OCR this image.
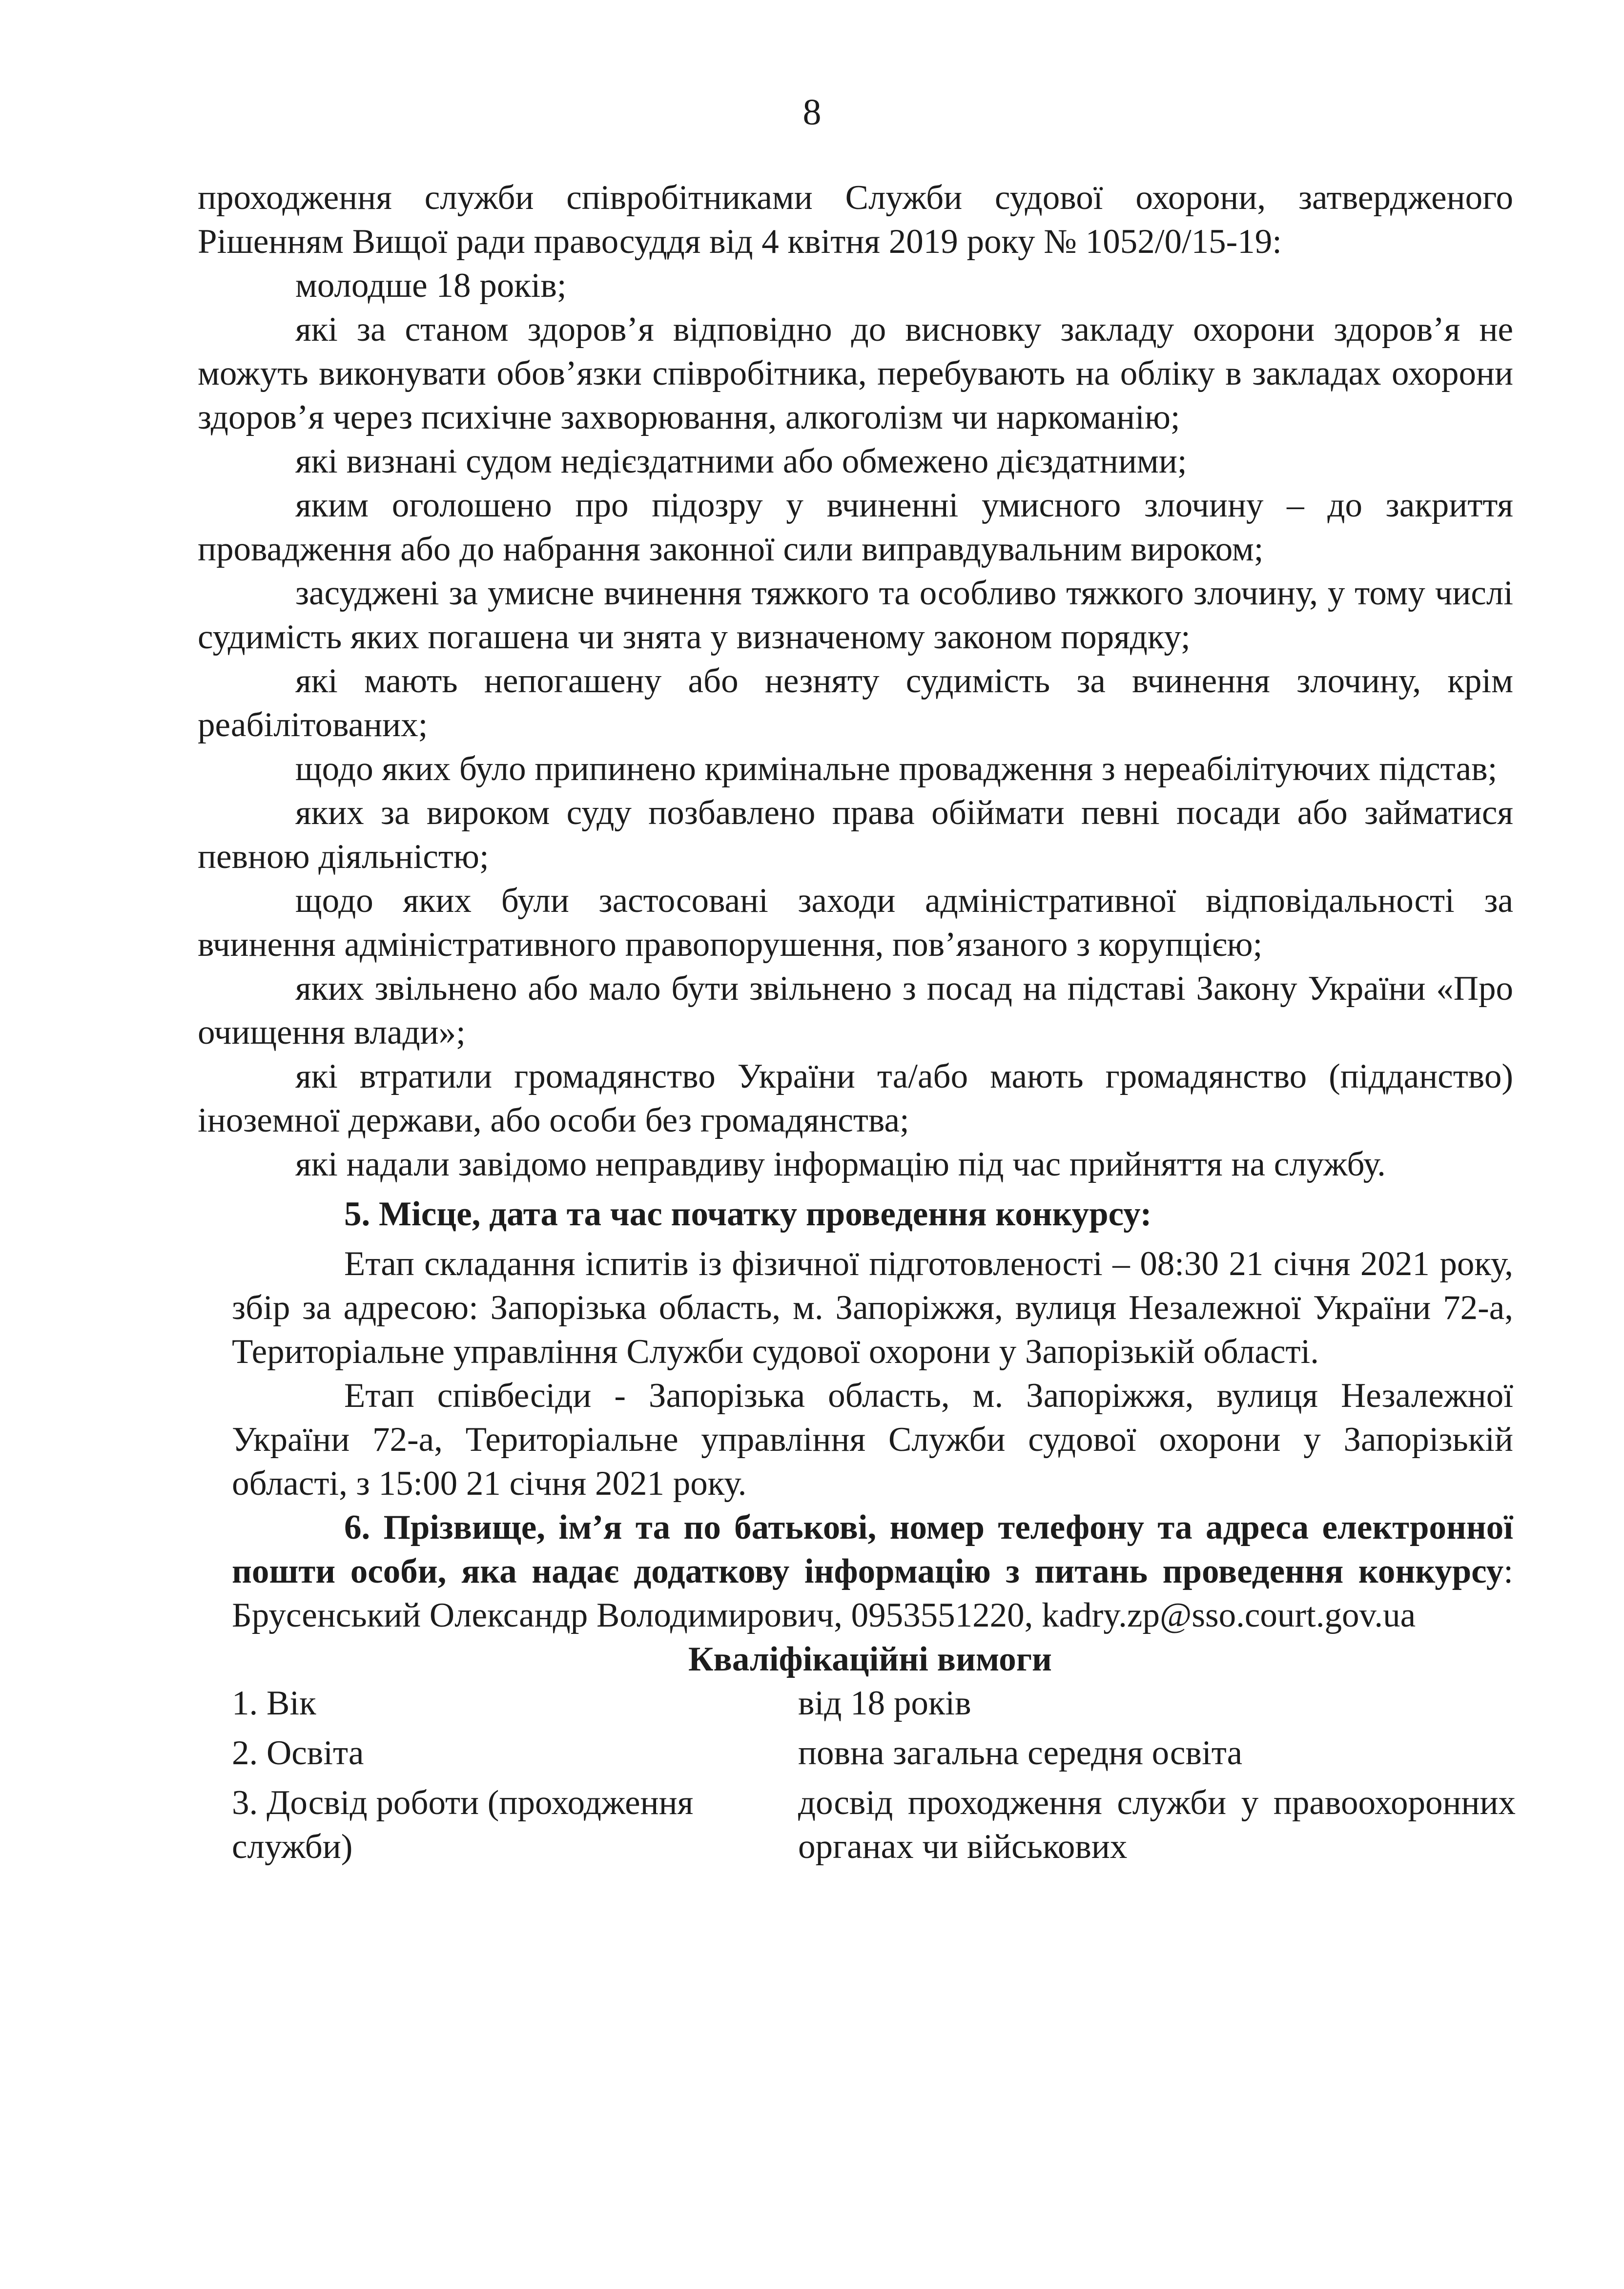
8

проходження служби співробітниками Служби судової охорони, затвердженого Рішенням Вищої ради правосуддя від 4 квітня 2019 року № 1052/0/15-19:

молодше 18 років;

які за станом здоров’я відповідно до висновку закладу охорони здоров’я не можуть виконувати обов’язки співробітника, перебувають на обліку в закладах охорони здоров’я через психічне захворювання, алкоголізм чи наркоманію;

які визнані судом недієздатними або обмежено дієздатними;

яким оголошено про підозру у вчиненні умисного злочину – до закриття провадження або до набрання законної сили виправдувальним вироком;

засуджені за умисне вчинення тяжкого та особливо тяжкого злочину, у тому числі судимість яких погашена чи знята у визначеному законом порядку;

які мають непогашену або незняту судимість за вчинення злочину, крім реабілітованих;

щодо яких було припинено кримінальне провадження з нереабілітуючих підстав;

яких за вироком суду позбавлено права обіймати певні посади або займатися певною діяльністю;

щодо яких були застосовані заходи адміністративної відповідальності за вчинення адміністративного правопорушення, пов’язаного з корупцією;

яких звільнено або мало бути звільнено з посад на підставі Закону України «Про очищення влади»;

які втратили громадянство України та/або мають громадянство (підданство) іноземної держави, або особи без громадянства;

які надали завідомо неправдиву інформацію під час прийняття на службу.

5. Місце, дата та час початку проведення конкурсу:

Етап складання іспитів із фізичної підготовленості – 08:30 21 січня 2021 року, збір за адресою: Запорізька область, м. Запоріжжя, вулиця Незалежної України 72-а, Територіальне управління Служби судової охорони у Запорізькій області.

Етап співбесіди - Запорізька область, м. Запоріжжя, вулиця Незалежної України 72-а, Територіальне управління Служби судової охорони у Запорізькій області, з 15:00 21 січня 2021 року.

6. Прізвище, ім’я та по батькові, номер телефону та адреса електронної пошти особи, яка надає додаткову інформацію з питань проведення конкурсу: Брусенський Олександр Володимирович, 0953551220, kadry.zp@sso.court.gov.ua

Кваліфікаційні вимоги

1. Вік	від 18 років
2. Освіта	повна загальна середня освіта
3. Досвід роботи (проходження служби)	досвід проходження служби у правоохоронних органах чи військових
